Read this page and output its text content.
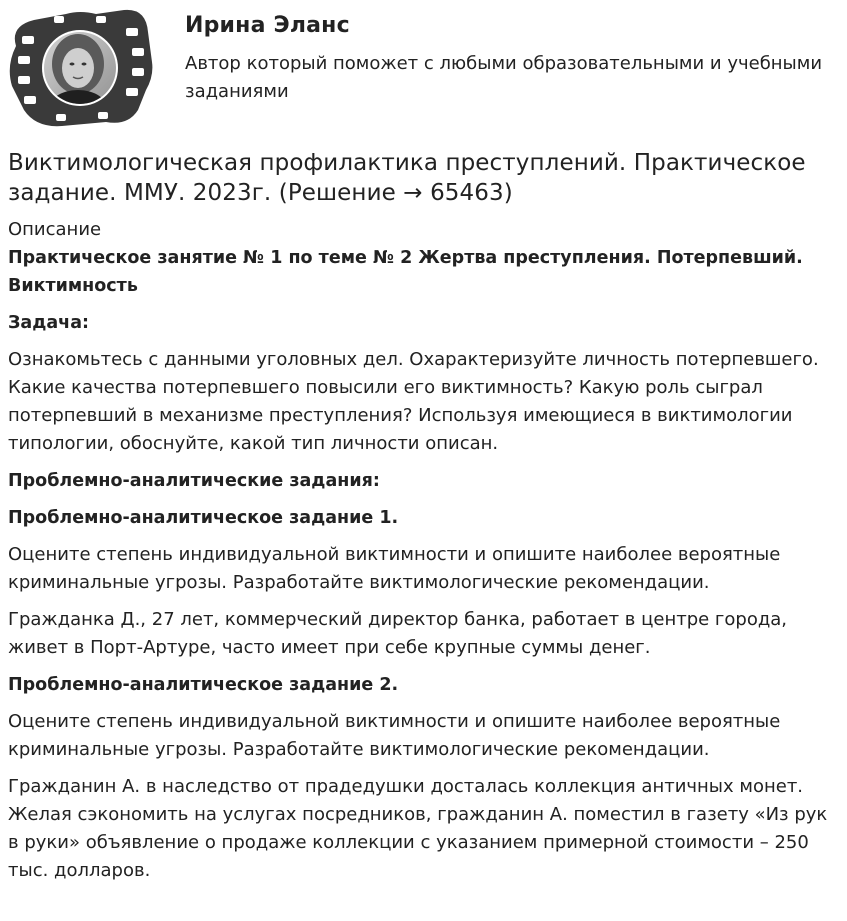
Ирина Эланс
Автор который поможет с любыми образовательными и учебными заданиями
Виктимологическая профилактика преступлений. Практическое задание. ММУ. 2023г. (Решение → 65463)

Описание

Практическое занятие № 1 по теме № 2 Жертва преступления. Потерпевший. Виктимность

Задача:

Ознакомьтесь с данными уголовных дел. Охарактеризуйте личность потерпевшего. Какие качества потерпевшего повысили его виктимность? Какую роль сыграл потерпевший в механизме преступления? Используя имеющиеся в виктимологии типологии, обоснуйте, какой тип личности описан.

Проблемно-аналитические задания:

Проблемно-аналитическое задание 1.

Оцените степень индивидуальной виктимности и опишите наиболее вероятные криминальные угрозы. Разработайте виктимологические рекомендации.

Гражданка Д., 27 лет, коммерческий директор банка, работает в центре города, живет в Порт-Артуре, часто имеет при себе крупные суммы денег.

Проблемно-аналитическое задание 2.

Оцените степень индивидуальной виктимности и опишите наиболее вероятные криминальные угрозы. Разработайте виктимологические рекомендации.

Гражданин А. в наследство от прадедушки досталась коллекция античных монет. Желая сэкономить на услугах посредников, гражданин А. поместил в газету «Из рук в руки» объявление о продаже коллекции с указанием примерной стоимости – 250 тыс. долларов.
